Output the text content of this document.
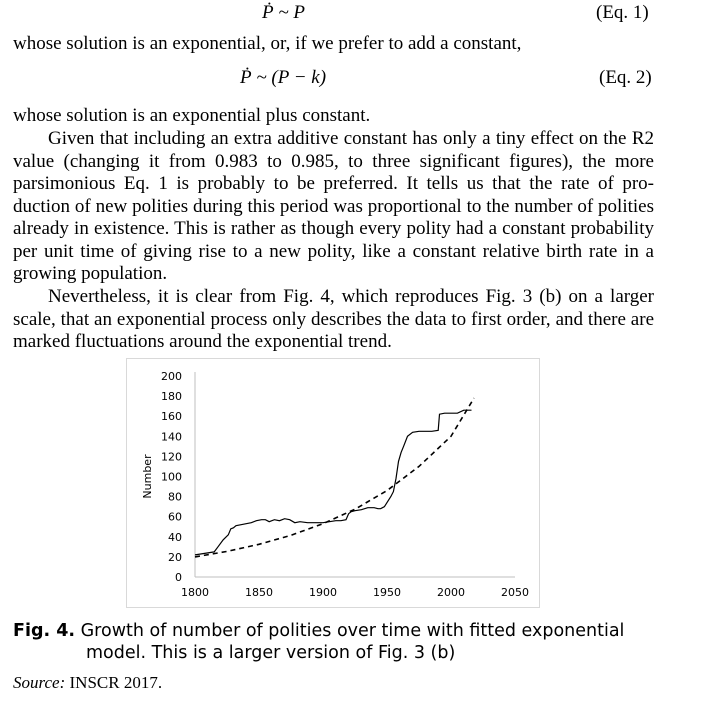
Ṗ ~ P	(Eq. 1)

whose solution is an exponential, or, if we prefer to add a constant,

Ṗ ~ (P − k)	(Eq. 2)

whose solution is an exponential plus constant.

Given that including an extra additive constant has only a tiny effect on the R2 value (changing it from 0.983 to 0.985, to three significant figures), the more parsimonious Eq. 1 is probably to be preferred. It tells us that the rate of pro-duction of new polities during this period was proportional to the number of polities already in existence. This is rather as though every polity had a constant probability per unit time of giving rise to a new polity, like a constant relative birth rate in a growing population.

Nevertheless, it is clear from Fig. 4, which reproduces Fig. 3 (b) on a larger scale, that an exponential process only describes the data to first order, and there are marked fluctuations around the exponential trend.

Number
0
20
40
60
80
100
120
140
160
180
200
1800	1850	1900	1950	2000	2050
Fig. 4. Growth of number of polities over time with fitted exponential
model. This is a larger version of Fig. 3 (b)
Source: INSCR 2017.
